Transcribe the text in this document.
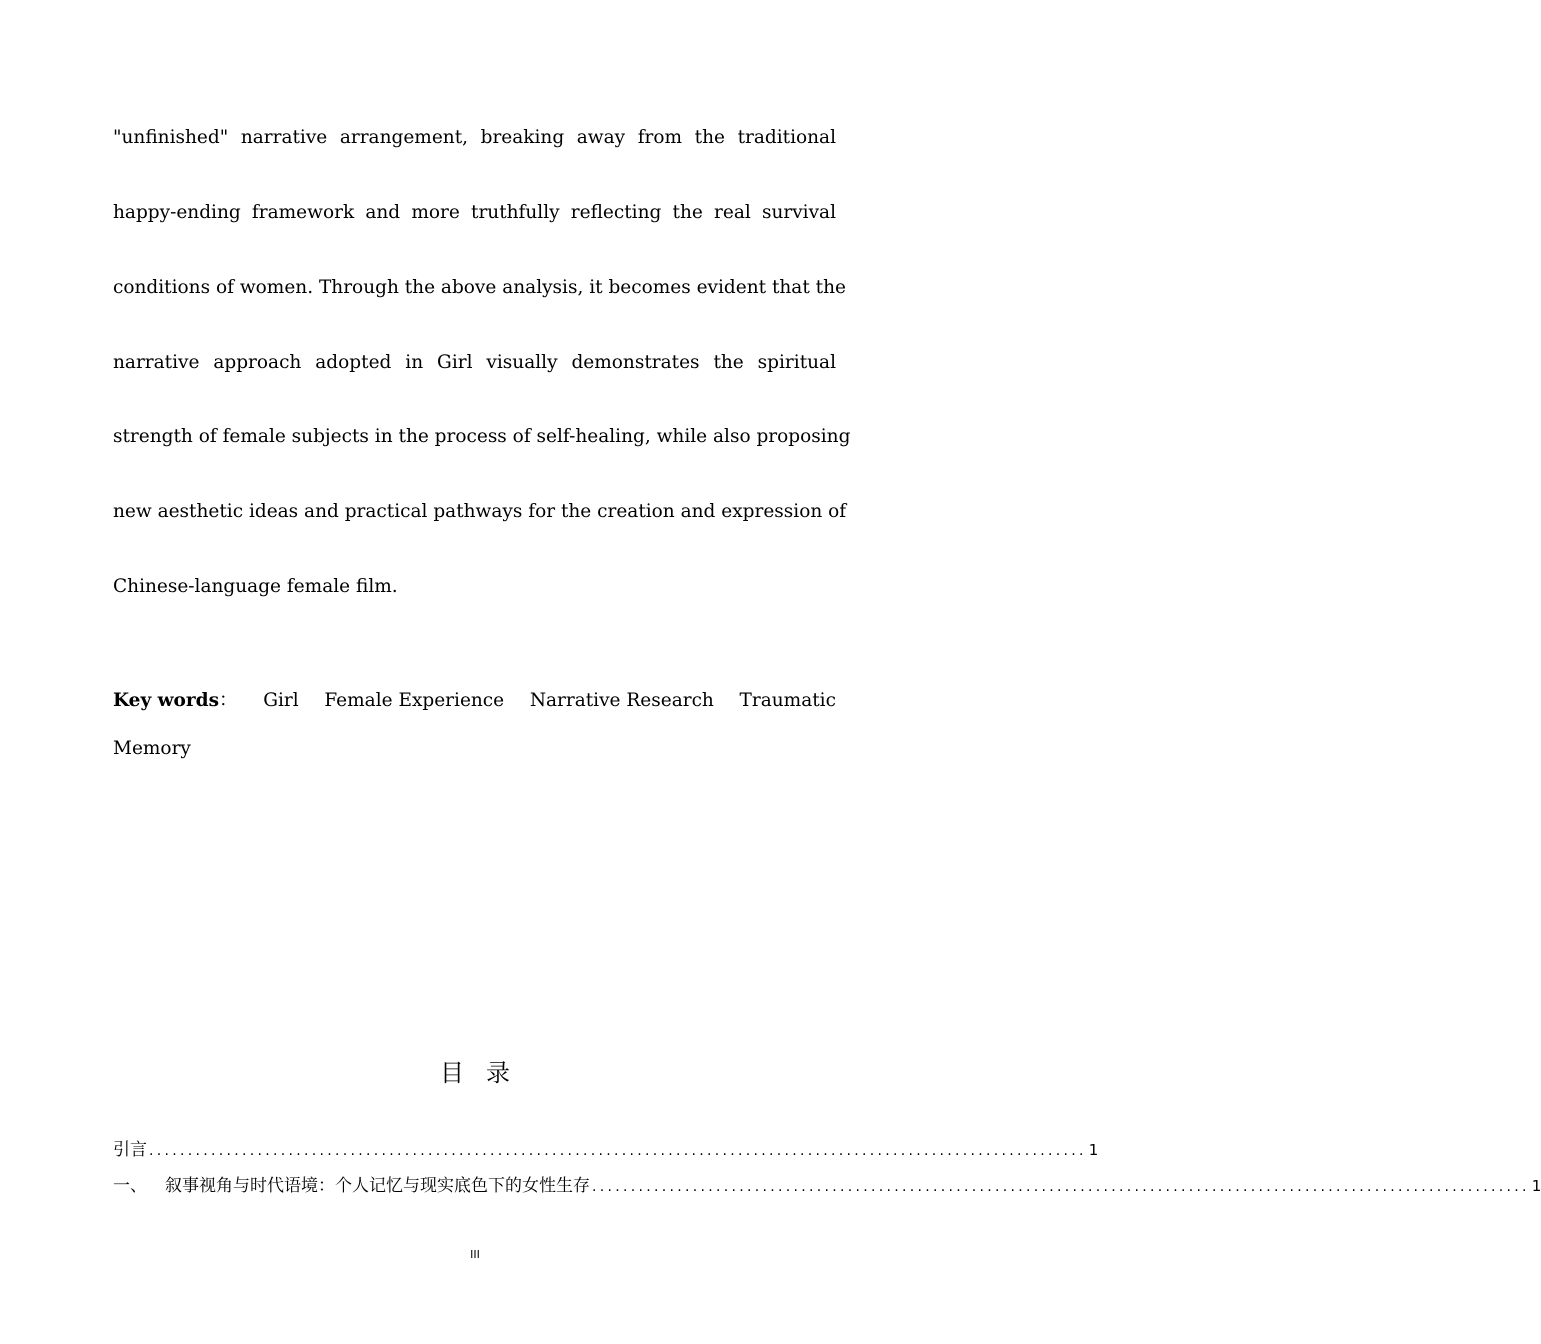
"unfinished" narrative arrangement, breaking away from the traditional
happy-ending framework and more truthfully reflecting the real survival
conditions of women. Through the above analysis, it becomes evident that the
narrative approach adopted in Girl visually demonstrates the spiritual
strength of female subjects in the process of self-healing, while also proposing
new aesthetic ideas and practical pathways for the creation and expression of
Chinese-language female film.
Key words： Girl Female Experience Narrative Research Traumatic
Memory
目录
引言 ......................................................................................................................... 1
一、 叙事视角与时代语境：个人记忆与现实底色下的女性生存 ......................................................................................................................... 1
III
